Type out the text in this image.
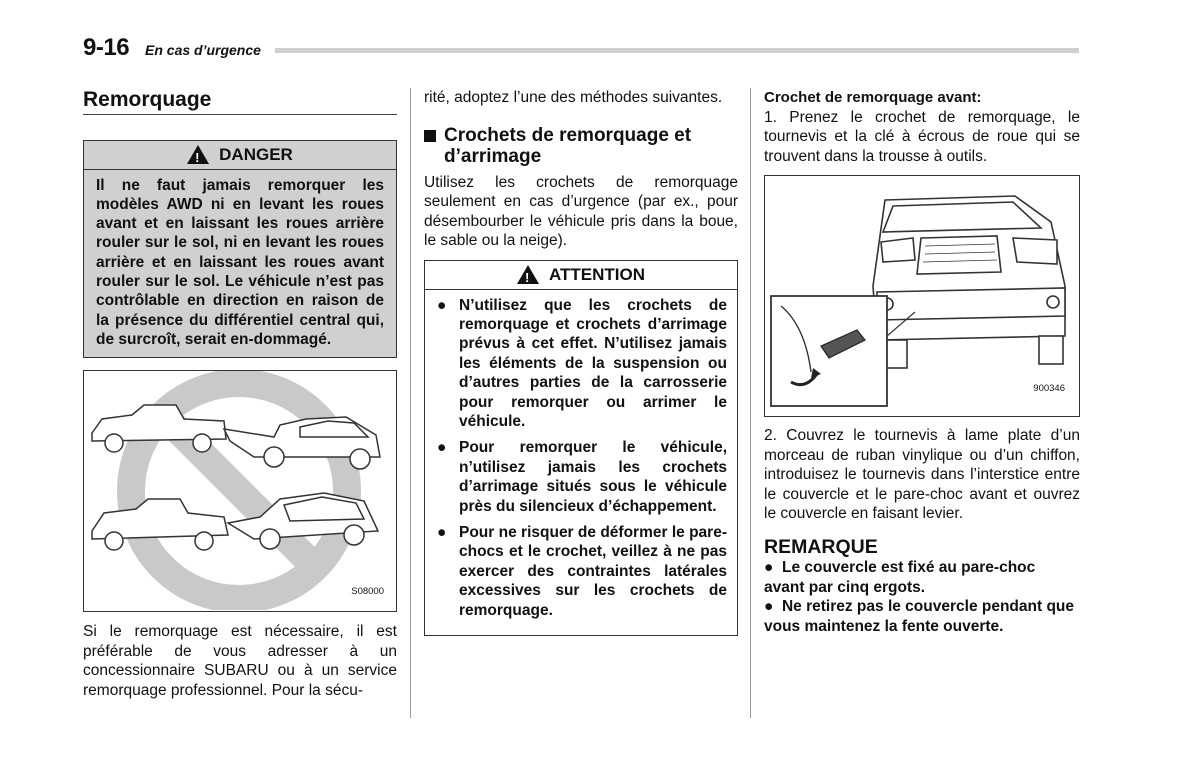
9-16 En cas d’urgence
Remorquage
! DANGER
Il ne faut jamais remorquer les modèles AWD ni en levant les roues avant et en laissant les roues arrière rouler sur le sol, ni en levant les roues arrière et en laissant les roues avant rouler sur le sol. Le véhicule n’est pas contrôlable en direction en raison de la présence du différentiel central qui, de surcroît, serait en-dommagé.
S08000
Si le remorquage est nécessaire, il est préférable de vous adresser à un concessionnaire SUBARU ou à un service remorquage professionnel. Pour la sécu-
rité, adoptez l’une des méthodes suivantes.
Crochets de remorquage et d’arrimage
Utilisez les crochets de remorquage seulement en cas d’urgence (par ex., pour désembourber le véhicule pris dans la boue, le sable ou la neige).
! ATTENTION
● N’utilisez que les crochets de remorquage et crochets d’arrimage prévus à cet effet. N’utilisez jamais les éléments de la suspension ou d’autres parties de la carrosserie pour remorquer ou arrimer le véhicule.
● Pour remorquer le véhicule, n’utilisez jamais les crochets d’arrimage situés sous le véhicule près du silencieux d’échappement.
● Pour ne risquer de déformer le pare-chocs et le crochet, veillez à ne pas exercer des contraintes latérales excessives sur les crochets de remorquage.
Crochet de remorquage avant:
1. Prenez le crochet de remorquage, le tournevis et la clé à écrous de roue qui se trouvent dans la trousse à outils.
900346
2. Couvrez le tournevis à lame plate d’un morceau de ruban vinylique ou d’un chiffon, introduisez le tournevis dans l’interstice entre le couvercle et le pare-choc avant et ouvrez le couvercle en faisant levier.
REMARQUE
●  Le couvercle est fixé au pare-choc avant par cinq ergots.
●  Ne retirez pas le couvercle pendant que vous maintenez la fente ouverte.
